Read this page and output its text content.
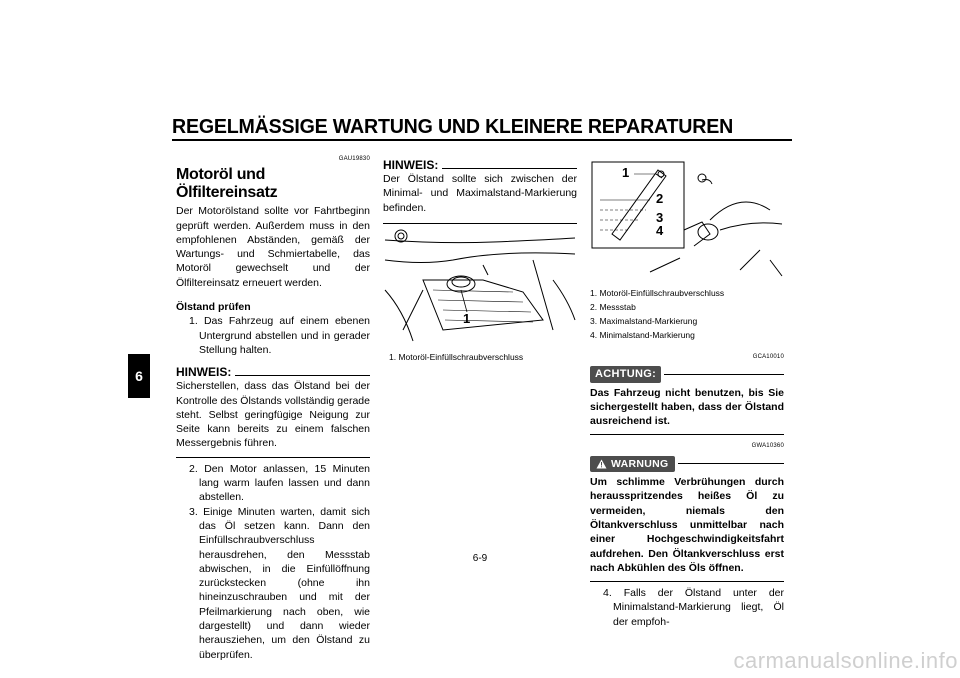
REGELMÄSSIGE WARTUNG UND KLEINERE REPARATUREN
6
GAU19830
Motoröl und Ölfiltereinsatz
Der Motorölstand sollte vor Fahrtbeginn geprüft werden. Außerdem muss in den empfohlenen Abständen, gemäß der Wartungs- und Schmiertabelle, das Motoröl gewechselt und der Ölfiltereinsatz erneuert werden.
Ölstand prüfen
1. Das Fahrzeug auf einem ebenen Untergrund abstellen und in gerader Stellung halten.
HINWEIS:
Sicherstellen, dass das Ölstand bei der Kontrolle des Ölstands vollständig gerade steht. Selbst geringfügige Neigung zur Seite kann bereits zu einem falschen Messergebnis führen.
2. Den Motor anlassen, 15 Minuten lang warm laufen lassen und dann abstellen.
3. Einige Minuten warten, damit sich das Öl setzen kann. Dann den Einfüllschraubverschluss herausdrehen, den Messstab abwischen, in die Einfüllöffnung zurückstecken (ohne ihn hineinzuschrauben und mit der Pfeilmarkierung nach oben, wie dargestellt) und dann wieder herausziehen, um den Ölstand zu überprüfen.
HINWEIS:
Der Ölstand sollte sich zwischen der Minimal- und Maximalstand-Markierung befinden.
1
1. Motoröl-Einfüllschraubverschluss
1
2
3
4
1. Motoröl-Einfüllschraubverschluss
2. Messstab
3. Maximalstand-Markierung
4. Minimalstand-Markierung
GCA10010
ACHTUNG:
Das Fahrzeug nicht benutzen, bis Sie sichergestellt haben, dass der Ölstand ausreichend ist.
GWA10360
WARNUNG
Um schlimme Verbrühungen durch herausspritzendes heißes Öl zu vermeiden, niemals den Öltankverschluss unmittelbar nach einer Hochgeschwindigkeitsfahrt aufdrehen. Den Öltankverschluss erst nach Abkühlen des Öls öffnen.
4. Falls der Ölstand unter der Minimalstand-Markierung liegt, Öl der empfoh-
6-9
carmanualsonline.info
